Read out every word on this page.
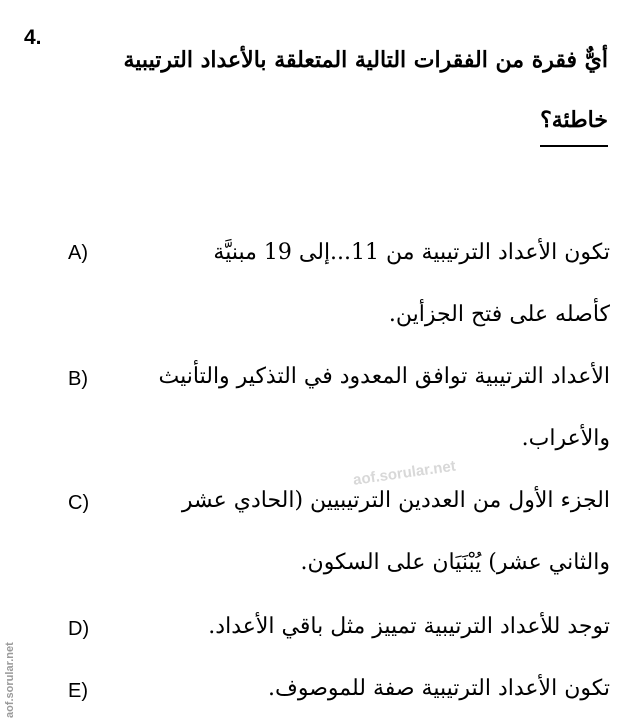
4.
أيٌّ فقرة من الفقرات التالية المتعلقة بالأعداد الترتيبية
خاطئة؟
A)	تكون الأعداد الترتيبية من 11...إلى 19 مبنيَّة
كأصله على فتح الجزأين.
B)	الأعداد الترتيبية توافق المعدود في التذكير والتأنيث
والأعراب.
C)	الجزء الأول من العددين الترتيبيين (الحادي عشر
والثاني عشر) يُبْنَيَان على السكون.
D)	توجد للأعداد الترتيبية تمييز مثل باقي الأعداد.
E)	تكون الأعداد الترتيبية صفة للموصوف.
aof.sorular.net
aof.sorular.net
